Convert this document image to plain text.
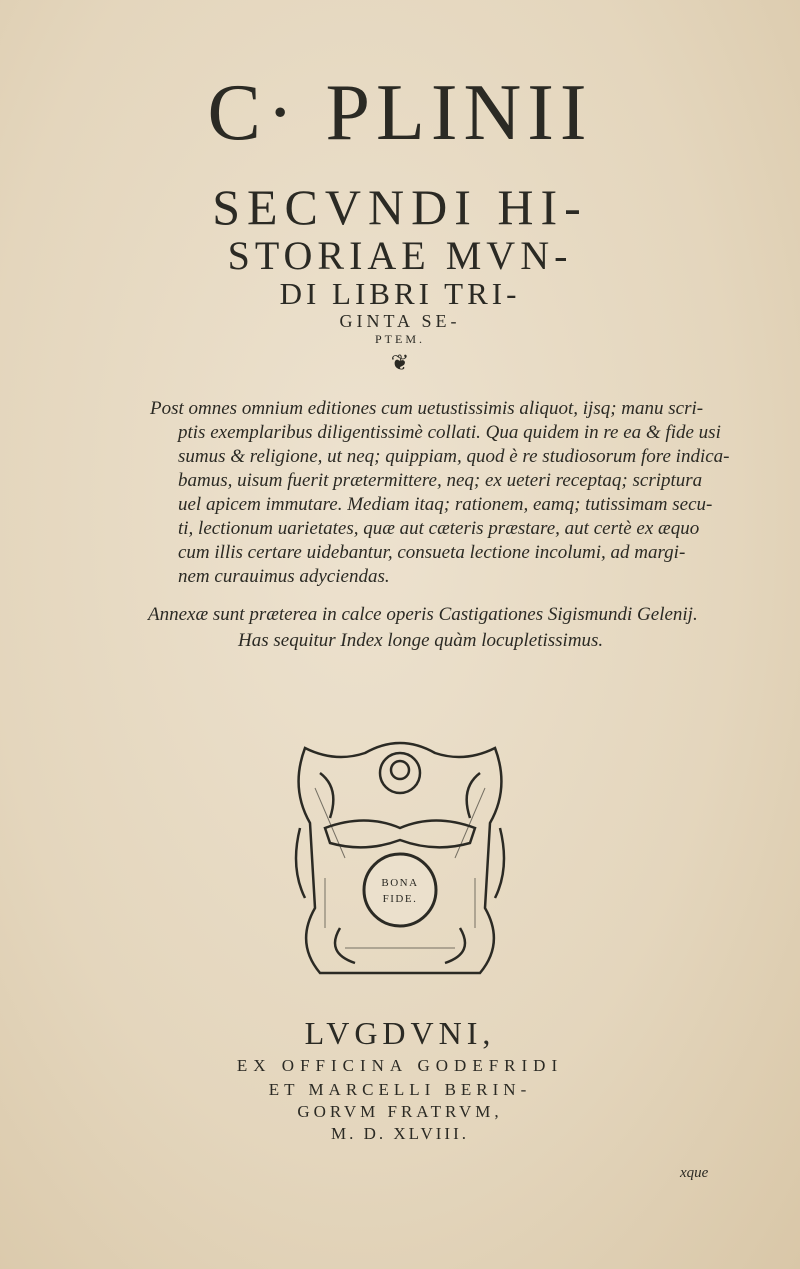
C· PLINII
SECVNDI HI-
STORIAE MVN-
DI LIBRI TRI-
GINTA SE-
PTEM.
❦
Post omnes omnium editiones cum uetustissimis aliquot, ijsq; manu scri-
ptis exemplaribus diligentissimè collati. Qua quidem in re ea & fide usi
sumus & religione, ut neq; quippiam, quod è re studiosorum fore indica-
bamus, uisum fuerit prætermittere, neq; ex ueteri receptaq; scriptura
uel apicem immutare. Mediam itaq; rationem, eamq; tutissimam secu-
ti, lectionum uarietates, quæ aut cæteris præstare, aut certè ex æquo
cum illis certare uidebantur, consueta lectione incolumi, ad margi-
nem curauimus adyciendas.
Annexæ sunt præterea in calce operis Castigationes Sigismundi Gelenij.
Has sequitur Index longe quàm locupletissimus.
BONA
FIDE.
LVGDVNI,
EX OFFICINA GODEFRIDI
ET MARCELLI BERIN-
GORVM FRATRVM,
M. D. XLVIII.
xque
